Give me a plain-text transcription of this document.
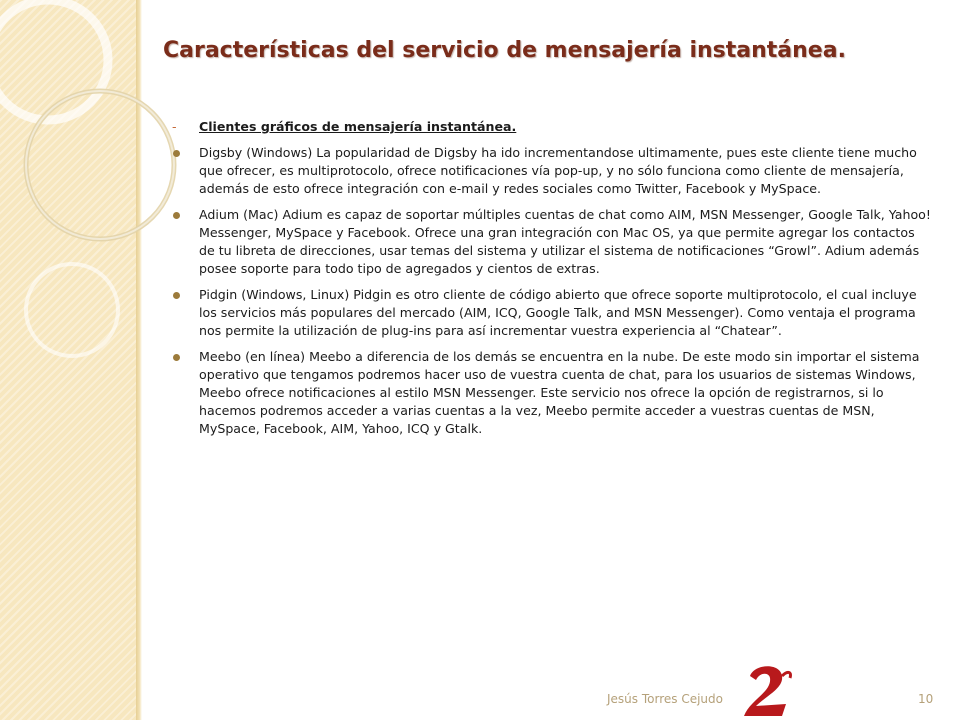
Características del servicio de mensajería instantánea.
- Clientes gráficos de mensajería instantánea.
Digsby (Windows) La popularidad de Digsby ha ido incrementandose ultimamente, pues este cliente tiene mucho que ofrecer, es multiprotocolo, ofrece notificaciones vía pop-up, y no sólo funciona como cliente de mensajería, además de esto ofrece integración con e-mail y redes sociales como Twitter, Facebook y MySpace.
Adium (Mac) Adium es capaz de soportar múltiples cuentas de chat como AIM, MSN Messenger, Google Talk, Yahoo! Messenger, MySpace y Facebook. Ofrece una gran integración con Mac OS, ya que permite agregar los contactos de tu libreta de direcciones, usar temas del sistema y utilizar el sistema de notificaciones “Growl”. Adium además posee soporte para todo tipo de agregados y cientos de extras.
Pidgin (Windows, Linux) Pidgin es otro cliente de código abierto que ofrece soporte multiprotocolo, el cual incluye los servicios más populares del mercado (AIM, ICQ, Google Talk, and MSN Messenger). Como ventaja el programa nos permite la utilización de plug-ins para así incrementar vuestra experiencia al “Chatear”.
Meebo (en línea) Meebo a diferencia de los demás se encuentra en la nube. De este modo sin importar el sistema operativo que tengamos podremos hacer uso de vuestra cuenta de chat, para los usuarios de sistemas Windows, Meebo ofrece notificaciones al estilo MSN Messenger. Este servicio nos ofrece la opción de registrarnos, si lo hacemos podremos acceder a varias cuentas a la vez, Meebo permite acceder a vuestras cuentas de MSN, MySpace, Facebook, AIM, Yahoo, ICQ y Gtalk.
Jesús Torres Cejudo	10
